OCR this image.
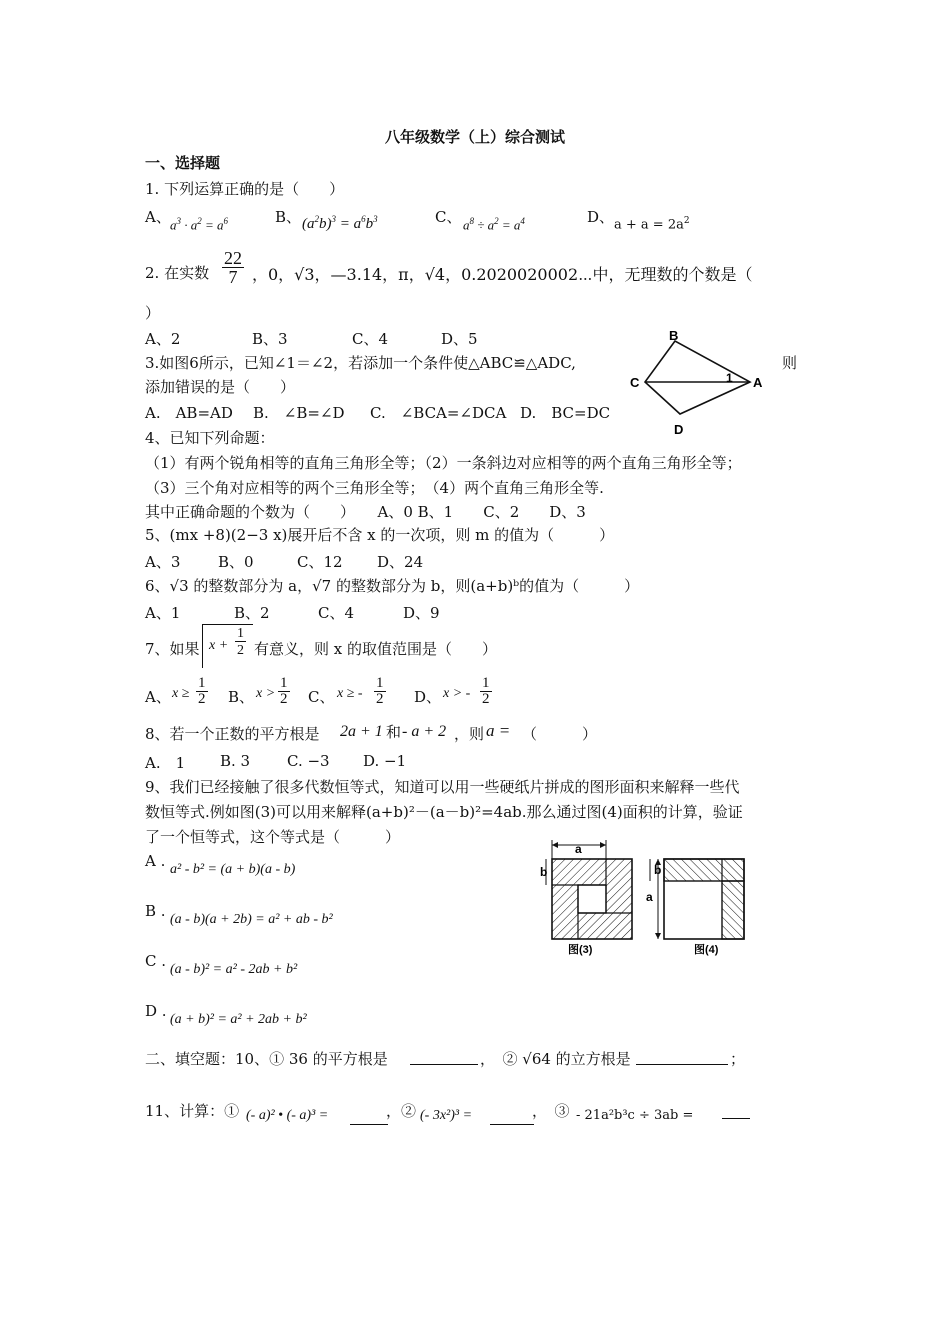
八年级数学（上）综合测试
一、选择题
1. 下列运算正确的是（　　）
A、 $a^3 \cdot a^2 = a^6$	B、 $(a^2b)^3 = a^6b^3$	C、 $a^8 \div a^2 = a^4$	D、 $a + a = 2a^2$
2. 在实数 $\frac{22}{7}$ ，0，√3，—3.14，π，√4，0.2020020002⋯中，无理数的个数是（
）
A、2	B、3	C、4	D、5
3.如图6所示，已知∠1＝∠2，若添加一个条件使△ABC≌△ADC,	则
添加错误的是（　　）
A.　AB=AD B.　∠B=∠D C.　∠BCA=∠DCA D.　BC=DC
B
C	A
D
1
4、已知下列命题：
（1）有两个锐角相等的直角三角形全等；（2）一条斜边对应相等的两个直角三角形全等；
（3）三个角对应相等的两个三角形全等；　（4）两个直角三角形全等.
其中正确命题的个数为（　　）　　A、0 B、1　　C、2　　D、3
5、(mx +8)(2−3 x)展开后不含 x 的一次项，则 m 的值为（　　　）
A、3	B、0	C、12 D、24
6、√3 的整数部分为 a，√7 的整数部分为 b，则(a+b)ᵇ的值为（　　　）
A、1	B、2	C、4	D、9
7、如果 $x + \frac{1}{2}$ 有意义，则 x 的取值范围是（　　）
A、 $x \ge \frac{1}{2}$ B、 $x > \frac{1}{2}$ C、 x ≥ - $\frac{1}{2}$ D、 x > - $\frac{1}{2}$
8、若一个正数的平方根是 2a + 1 和 - a + 2 ，则 a = （　　　）
A.　1 B. 3 C. −3 D. −1
9、我们已经接触了很多代数恒等式，知道可以用一些硬纸片拼成的图形面积来解释一些代
数恒等式.例如图(3)可以用来解释(a+b)²－(a－b)²=4ab.那么通过图(4)面积的计算，验证
了一个恒等式，这个等式是（　　　）
A . a² - b² = (a + b)(a - b)
B . (a - b)(a + 2b) = a² + ab - b²
C . (a - b)² = a² - 2ab + b²
D . (a + b)² = a² + 2ab + b²
a
b
图(3)
b
a
图(4)
二、填空题：10、① 36 的平方根是	，　② √64 的立方根是	；
11、计算：① (- a)² • (- a)³ =	，② (- 3x²)³ =	，　③ - 21a²b³c ÷ 3ab =
